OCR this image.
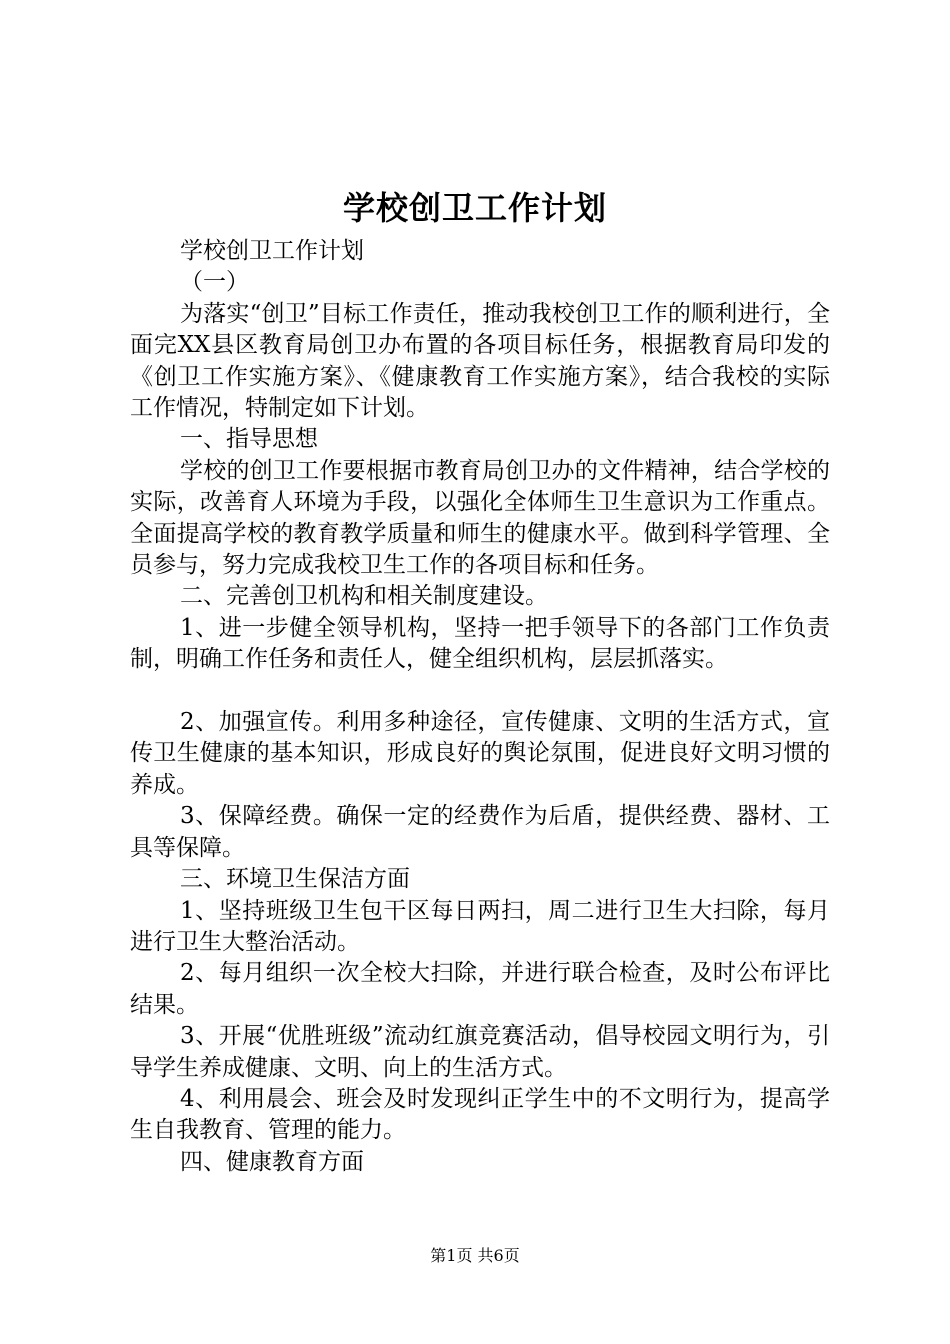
学校创卫工作计划

学校创卫工作计划

（一）

为落实“创卫”目标工作责任，推动我校创卫工作的顺利进行，全面完XX县区教育局创卫办布置的各项目标任务，根据教育局印发的《创卫工作实施方案》、《健康教育工作实施方案》，结合我校的实际工作情况，特制定如下计划。

一、指导思想

学校的创卫工作要根据市教育局创卫办的文件精神，结合学校的实际，改善育人环境为手段，以强化全体师生卫生意识为工作重点。全面提高学校的教育教学质量和师生的健康水平。做到科学管理、全员参与，努力完成我校卫生工作的各项目标和任务。

二、完善创卫机构和相关制度建设。

1、进一步健全领导机构，坚持一把手领导下的各部门工作负责制，明确工作任务和责任人，健全组织机构，层层抓落实。

2、加强宣传。利用多种途径，宣传健康、文明的生活方式，宣传卫生健康的基本知识，形成良好的舆论氛围，促进良好文明习惯的养成。

3、保障经费。确保一定的经费作为后盾，提供经费、器材、工具等保障。

三、环境卫生保洁方面

1、坚持班级卫生包干区每日两扫，周二进行卫生大扫除，每月进行卫生大整治活动。

2、每月组织一次全校大扫除，并进行联合检查，及时公布评比结果。

3、开展“优胜班级”流动红旗竞赛活动，倡导校园文明行为，引导学生养成健康、文明、向上的生活方式。

4、利用晨会、班会及时发现纠正学生中的不文明行为，提高学生自我教育、管理的能力。

四、健康教育方面

第1页 共6页
